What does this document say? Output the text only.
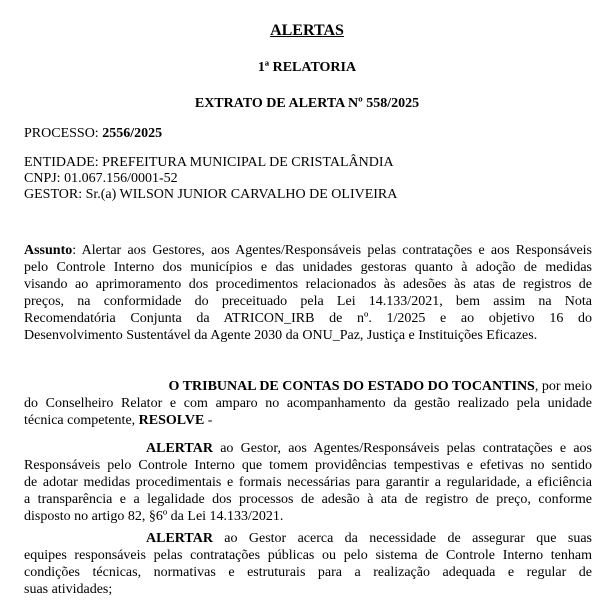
ALERTAS
1ª RELATORIA
EXTRATO DE ALERTA Nº 558/2025
PROCESSO: 2556/2025
ENTIDADE: PREFEITURA MUNICIPAL DE CRISTALÂNDIA
CNPJ: 01.067.156/0001-52
GESTOR: Sr.(a) WILSON JUNIOR CARVALHO DE OLIVEIRA
Assunto: Alertar aos Gestores, aos Agentes/Responsáveis pelas contratações e aos Responsáveis
pelo Controle Interno dos municípios e das unidades gestoras quanto à adoção de medidas
visando ao aprimoramento dos procedimentos relacionados às adesões às atas de registros de
preços, na conformidade do preceituado pela Lei 14.133/2021, bem assim na Nota
Recomendatória Conjunta da ATRICON_IRB de nº. 1/2025 e ao objetivo 16 do
Desenvolvimento Sustentável da Agente 2030 da ONU_Paz, Justiça e Instituições Eficazes.
O TRIBUNAL DE CONTAS DO ESTADO DO TOCANTINS, por meio
do Conselheiro Relator e com amparo no acompanhamento da gestão realizado pela unidade
técnica competente, RESOLVE -
ALERTAR ao Gestor, aos Agentes/Responsáveis pelas contratações e aos
Responsáveis pelo Controle Interno que tomem providências tempestivas e efetivas no sentido
de adotar medidas procedimentais e formais necessárias para garantir a regularidade, a eficiência
a transparência e a legalidade dos processos de adesão à ata de registro de preço, conforme
disposto no artigo 82, §6º da Lei 14.133/2021.
ALERTAR ao Gestor acerca da necessidade de assegurar que suas
equipes responsáveis pelas contratações públicas ou pelo sistema de Controle Interno tenham
condições técnicas, normativas e estruturais para a realização adequada e regular de
suas atividades;
